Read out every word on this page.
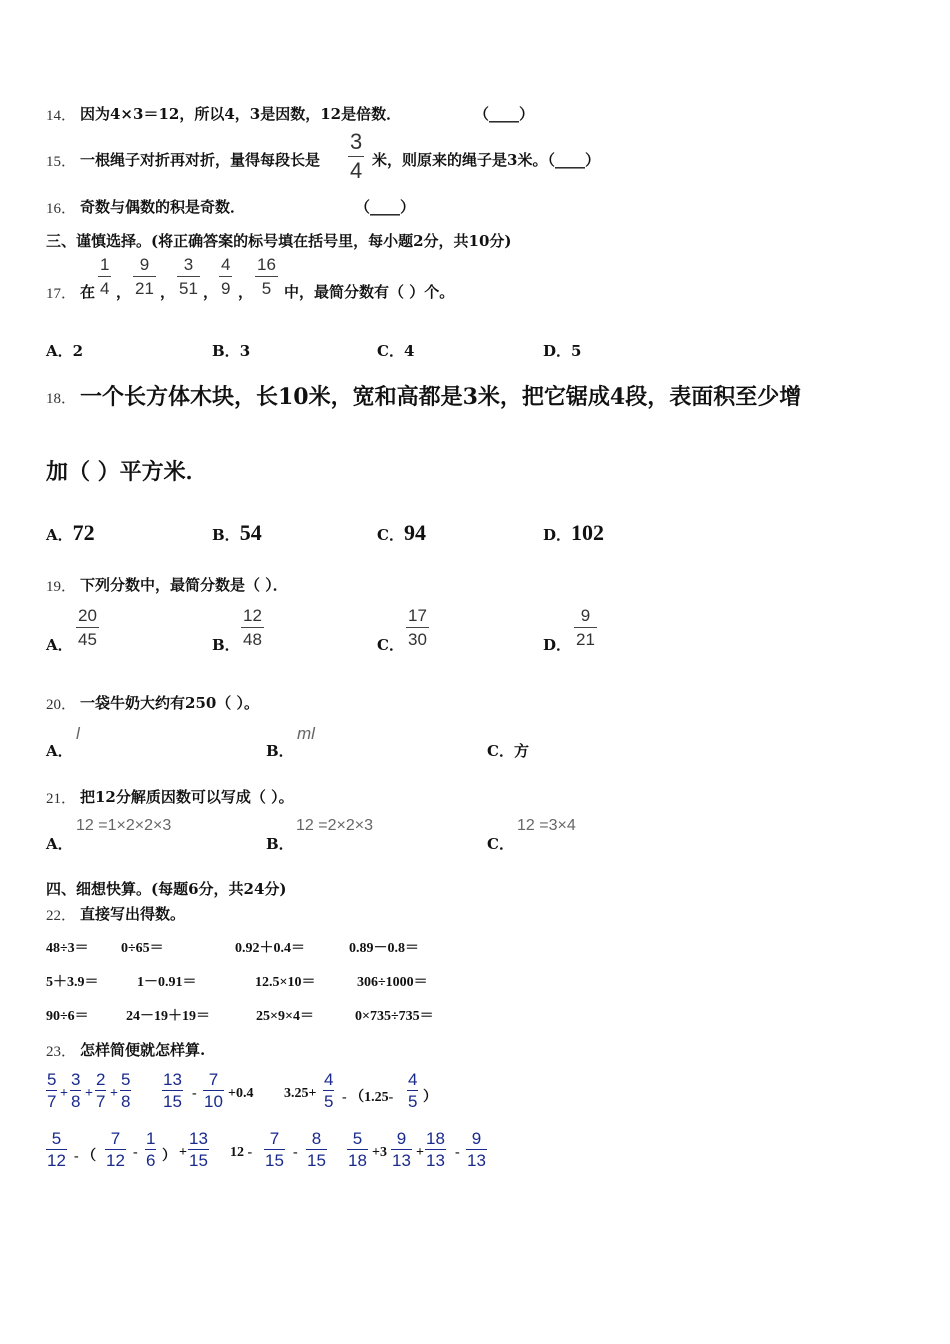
14． 因为4×3＝12，所以4，3是因数，12是倍数．	（____）
15． 一根绳子对折再对折，量得每段长是
3
4 米，则原来的绳子是3米。（____）
16． 奇数与偶数的积是奇数．	（____）
三、谨慎选择。(将正确答案的标号填在括号里，每小题2分，共10分)
17． 在
1
4 ，
9
21 ，
3
51 ，
4
9 ，
16
5 中，最简分数有（ ）个。
A．2	B．3	C．4	D．5
18． 一个长方体木块，长10米，宽和高都是3米，把它锯成4段，表面积至少增
加（ ）平方米．
A．72	B．54	C．94	D．102
19． 下列分数中，最简分数是（ ）．
A．
20
45	B．
12
48	C．
17
30	D．
9
21
20． 一袋牛奶大约有250（ ）。
A．
l
B．
ml
C．方
21． 把12分解质因数可以写成（ ）。
A．
12 =1×2×2×3
B．
12 =2×2×3
C．
12 =3×4
四、细想快算。(每题6分，共24分)
22． 直接写出得数。
48÷3＝ 0÷65＝	0.92＋0.4＝	0.89－0.8＝
5＋3.9＝	1－0.91＝	12.5×10＝	306÷1000＝
90÷6＝	24－19＋19＝	25×9×4＝	0×735÷735＝
23． 怎样简便就怎样算.
5
7 +
3
8 +
2
7 +
5
8
13
15 -
7
10 +0.4 3.25+
4
5 - （1.25-
4
5 ）
5
12 - （
7
12 -
1
6 ） +
13
15 12 -
7
15 -
8
15
5
18 +3
9
13 +
18
13 -
9
13
